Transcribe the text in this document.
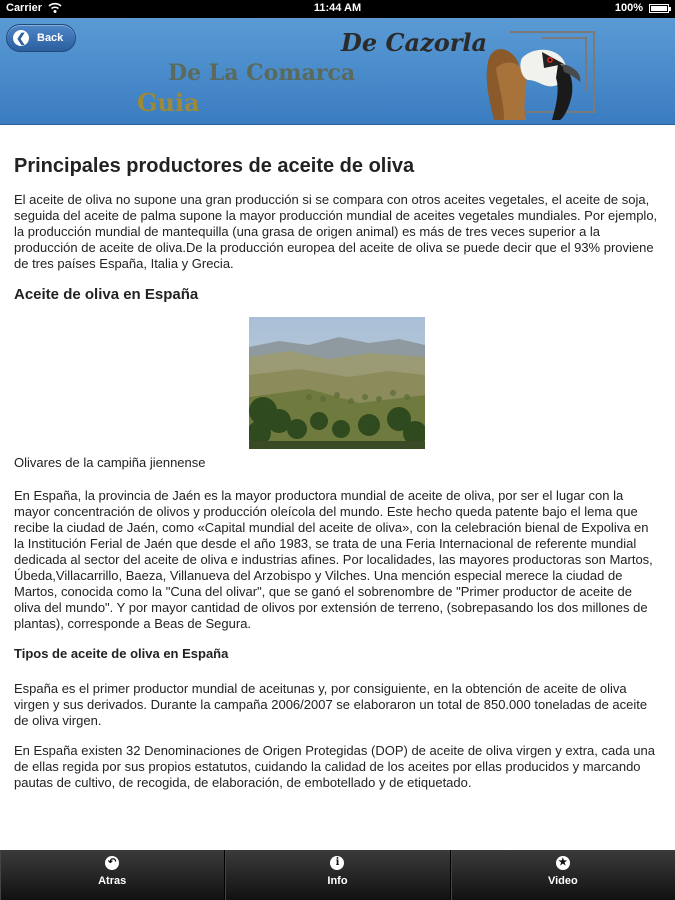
Carrier	11:44 AM	100%
❮ Back	De Cazorla
De La Comarca
Guia
Principales productores de aceite de oliva

El aceite de oliva no supone una gran producción si se compara con otros aceites vegetales, el aceite de soja, seguida del aceite de palma supone la mayor producción mundial de aceites vegetales mundiales. Por ejemplo, la producción mundial de mantequilla (una grasa de origen animal) es más de tres veces superior a la producción de aceite de oliva.De la producción europea del aceite de oliva se puede decir que el 93% proviene de tres países España, Italia y Grecia.

Aceite de oliva en España
Olivares de la campiña jiennense

En España, la provincia de Jaén es la mayor productora mundial de aceite de oliva, por ser el lugar con la mayor concentración de olivos y producción oleícola del mundo. Este hecho queda patente bajo el lema que recibe la ciudad de Jaén, como «Capital mundial del aceite de oliva», con la celebración bienal de Expoliva en la Institución Ferial de Jaén que desde el año 1983, se trata de una Feria Internacional de referente mundial dedicada al sector del aceite de oliva e industrias afines. Por localidades, las mayores productoras son Martos, Úbeda,Villacarrillo, Baeza, Villanueva del Arzobispo y Vilches. Una mención especial merece la ciudad de Martos, conocida como la "Cuna del olivar", que se ganó el sobrenombre de "Primer productor de aceite de oliva del mundo". Y por mayor cantidad de olivos por extensión de terreno, (sobrepasando los dos millones de plantas), corresponde a Beas de Segura.

Tipos de aceite de oliva en España

España es el primer productor mundial de aceitunas y, por consiguiente, en la obtención de aceite de oliva virgen y sus derivados. Durante la campaña 2006/2007 se elaboraron un total de 850.000 toneladas de aceite de oliva virgen.

En España existen 32 Denominaciones de Origen Protegidas (DOP) de aceite de oliva virgen y extra, cada una de ellas regida por sus propios estatutos, cuidando la calidad de los aceites por ellas producidos y marcando pautas de cultivo, de recogida, de elaboración, de embotellado y de etiquetado.

↶
Atras
i
Info
★
Video
